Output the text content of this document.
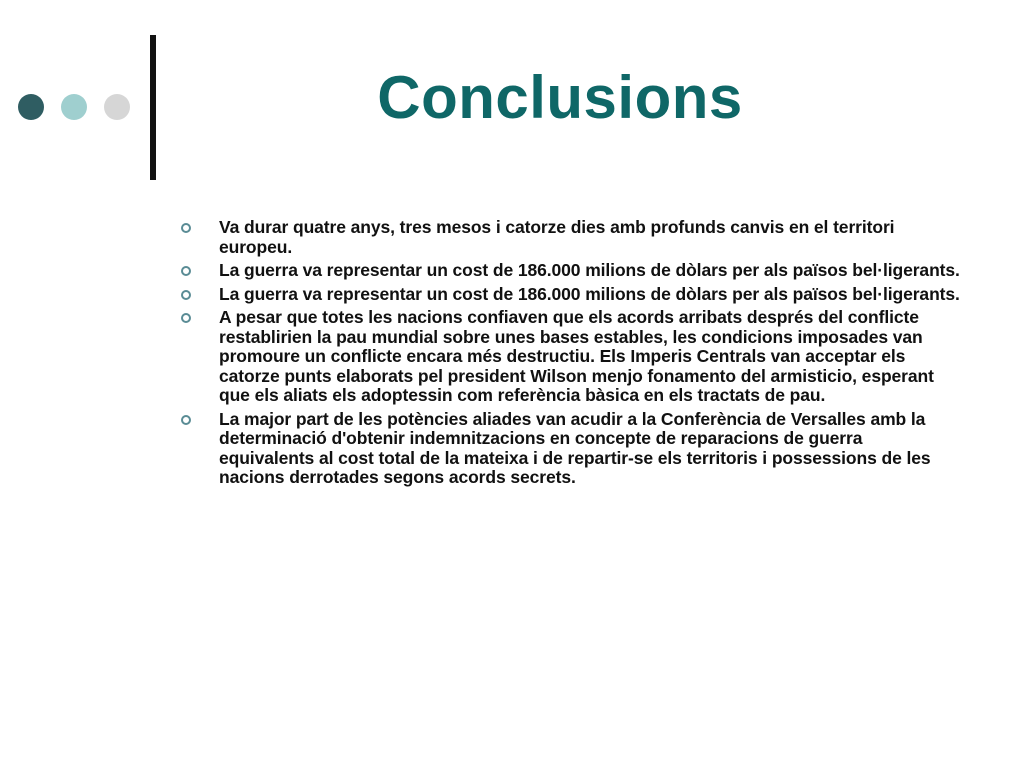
Conclusions
Va durar quatre anys, tres mesos i catorze dies amb profunds canvis en el territori europeu.
La guerra va representar un cost de 186.000 milions de dòlars per als països bel·ligerants.
La guerra va representar un cost de 186.000 milions de dòlars per als països bel·ligerants.
A pesar que totes les nacions confiaven que els acords arribats després del conflicte restablirien la pau mundial sobre unes bases estables, les condicions imposades van promoure un conflicte encara més destructiu. Els Imperis Centrals van acceptar els catorze punts elaborats pel president Wilson menjo fonamento del armisticio, esperant que els aliats els adoptessin com referència bàsica en els tractats de pau.
La major part de les potències aliades van acudir a la Conferència de Versalles amb la determinació d'obtenir indemnitzacions en concepte de reparacions de guerra equivalents al cost total de la mateixa i de repartir-se els territoris i possessions de les nacions derrotades segons acords secrets.
